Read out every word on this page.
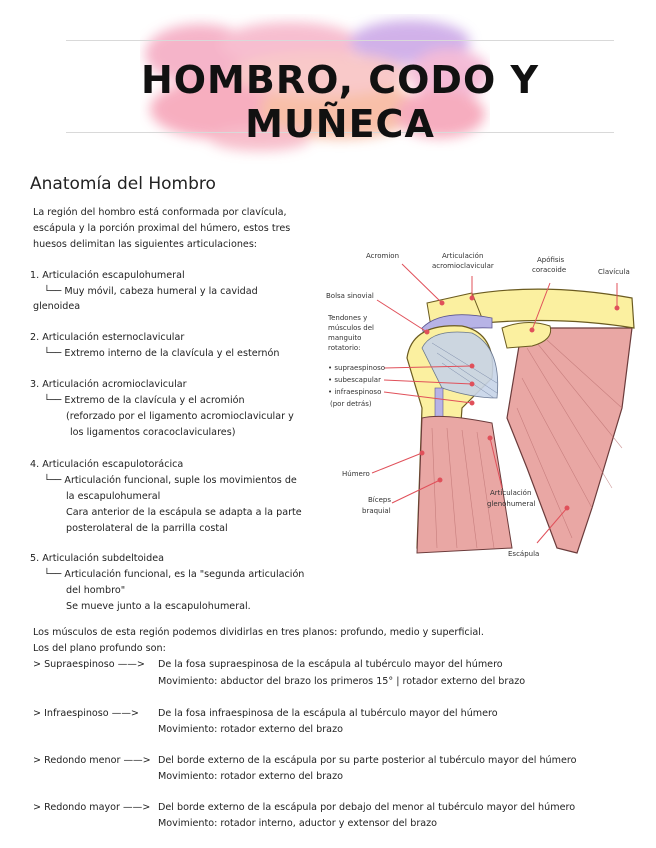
HOMBRO, CODO Y MUÑECA
Anatomía del Hombro
La región del hombro está conformada por clavícula,
escápula y la porción proximal del húmero, estos tres
huesos delimitan las siguientes articulaciones:
1. Articulación escapulohumeral
└── Muy móvil, cabeza humeral y la cavidad
glenoidea
2. Articulación esternoclavicular
└── Extremo interno de la clavícula y el esternón
3. Articulación acromioclavicular
└── Extremo de la clavícula y el acromión
(reforzado por el ligamento acromioclavicular y
los ligamentos coracoclaviculares)
4. Articulación escapulotorácica
└── Articulación funcional, suple los movimientos de
la escapulohumeral
Cara anterior de la escápula se adapta a la parte
posterolateral de la parrilla costal
5. Articulación subdeltoidea
└── Articulación funcional, es la "segunda articulación
del hombro"
Se mueve junto a la escapulohumeral.
Los músculos de esta región podemos dividirlas en tres planos: profundo, medio y superficial.
Los del plano profundo son:
> Supraespinoso ——> De la fosa supraespinosa de la escápula al tubérculo mayor del húmero
Movimiento: abductor del brazo los primeros 15° | rotador externo del brazo
> Infraespinoso ——> De la fosa infraespinosa de la escápula al tubérculo mayor del húmero
Movimiento: rotador externo del brazo
> Redondo menor ——> Del borde externo de la escápula por su parte posterior al tubérculo mayor del húmero
Movimiento: rotador externo del brazo
> Redondo mayor ——> Del borde externo de la escápula por debajo del menor al tubérculo mayor del húmero
Movimiento: rotador interno, aductor y extensor del brazo
Acromion	Articulación
acromioclavicular
Apófisis
coracoide	Clavícula
Bolsa sinovial
Tendones y
músculos del
manguito
rotatorio:
• supraespinoso
• subescapular
• infraespinoso
(por detrás)
Húmero
Bíceps
braquial
Articulación
glenohumeral
Escápula
